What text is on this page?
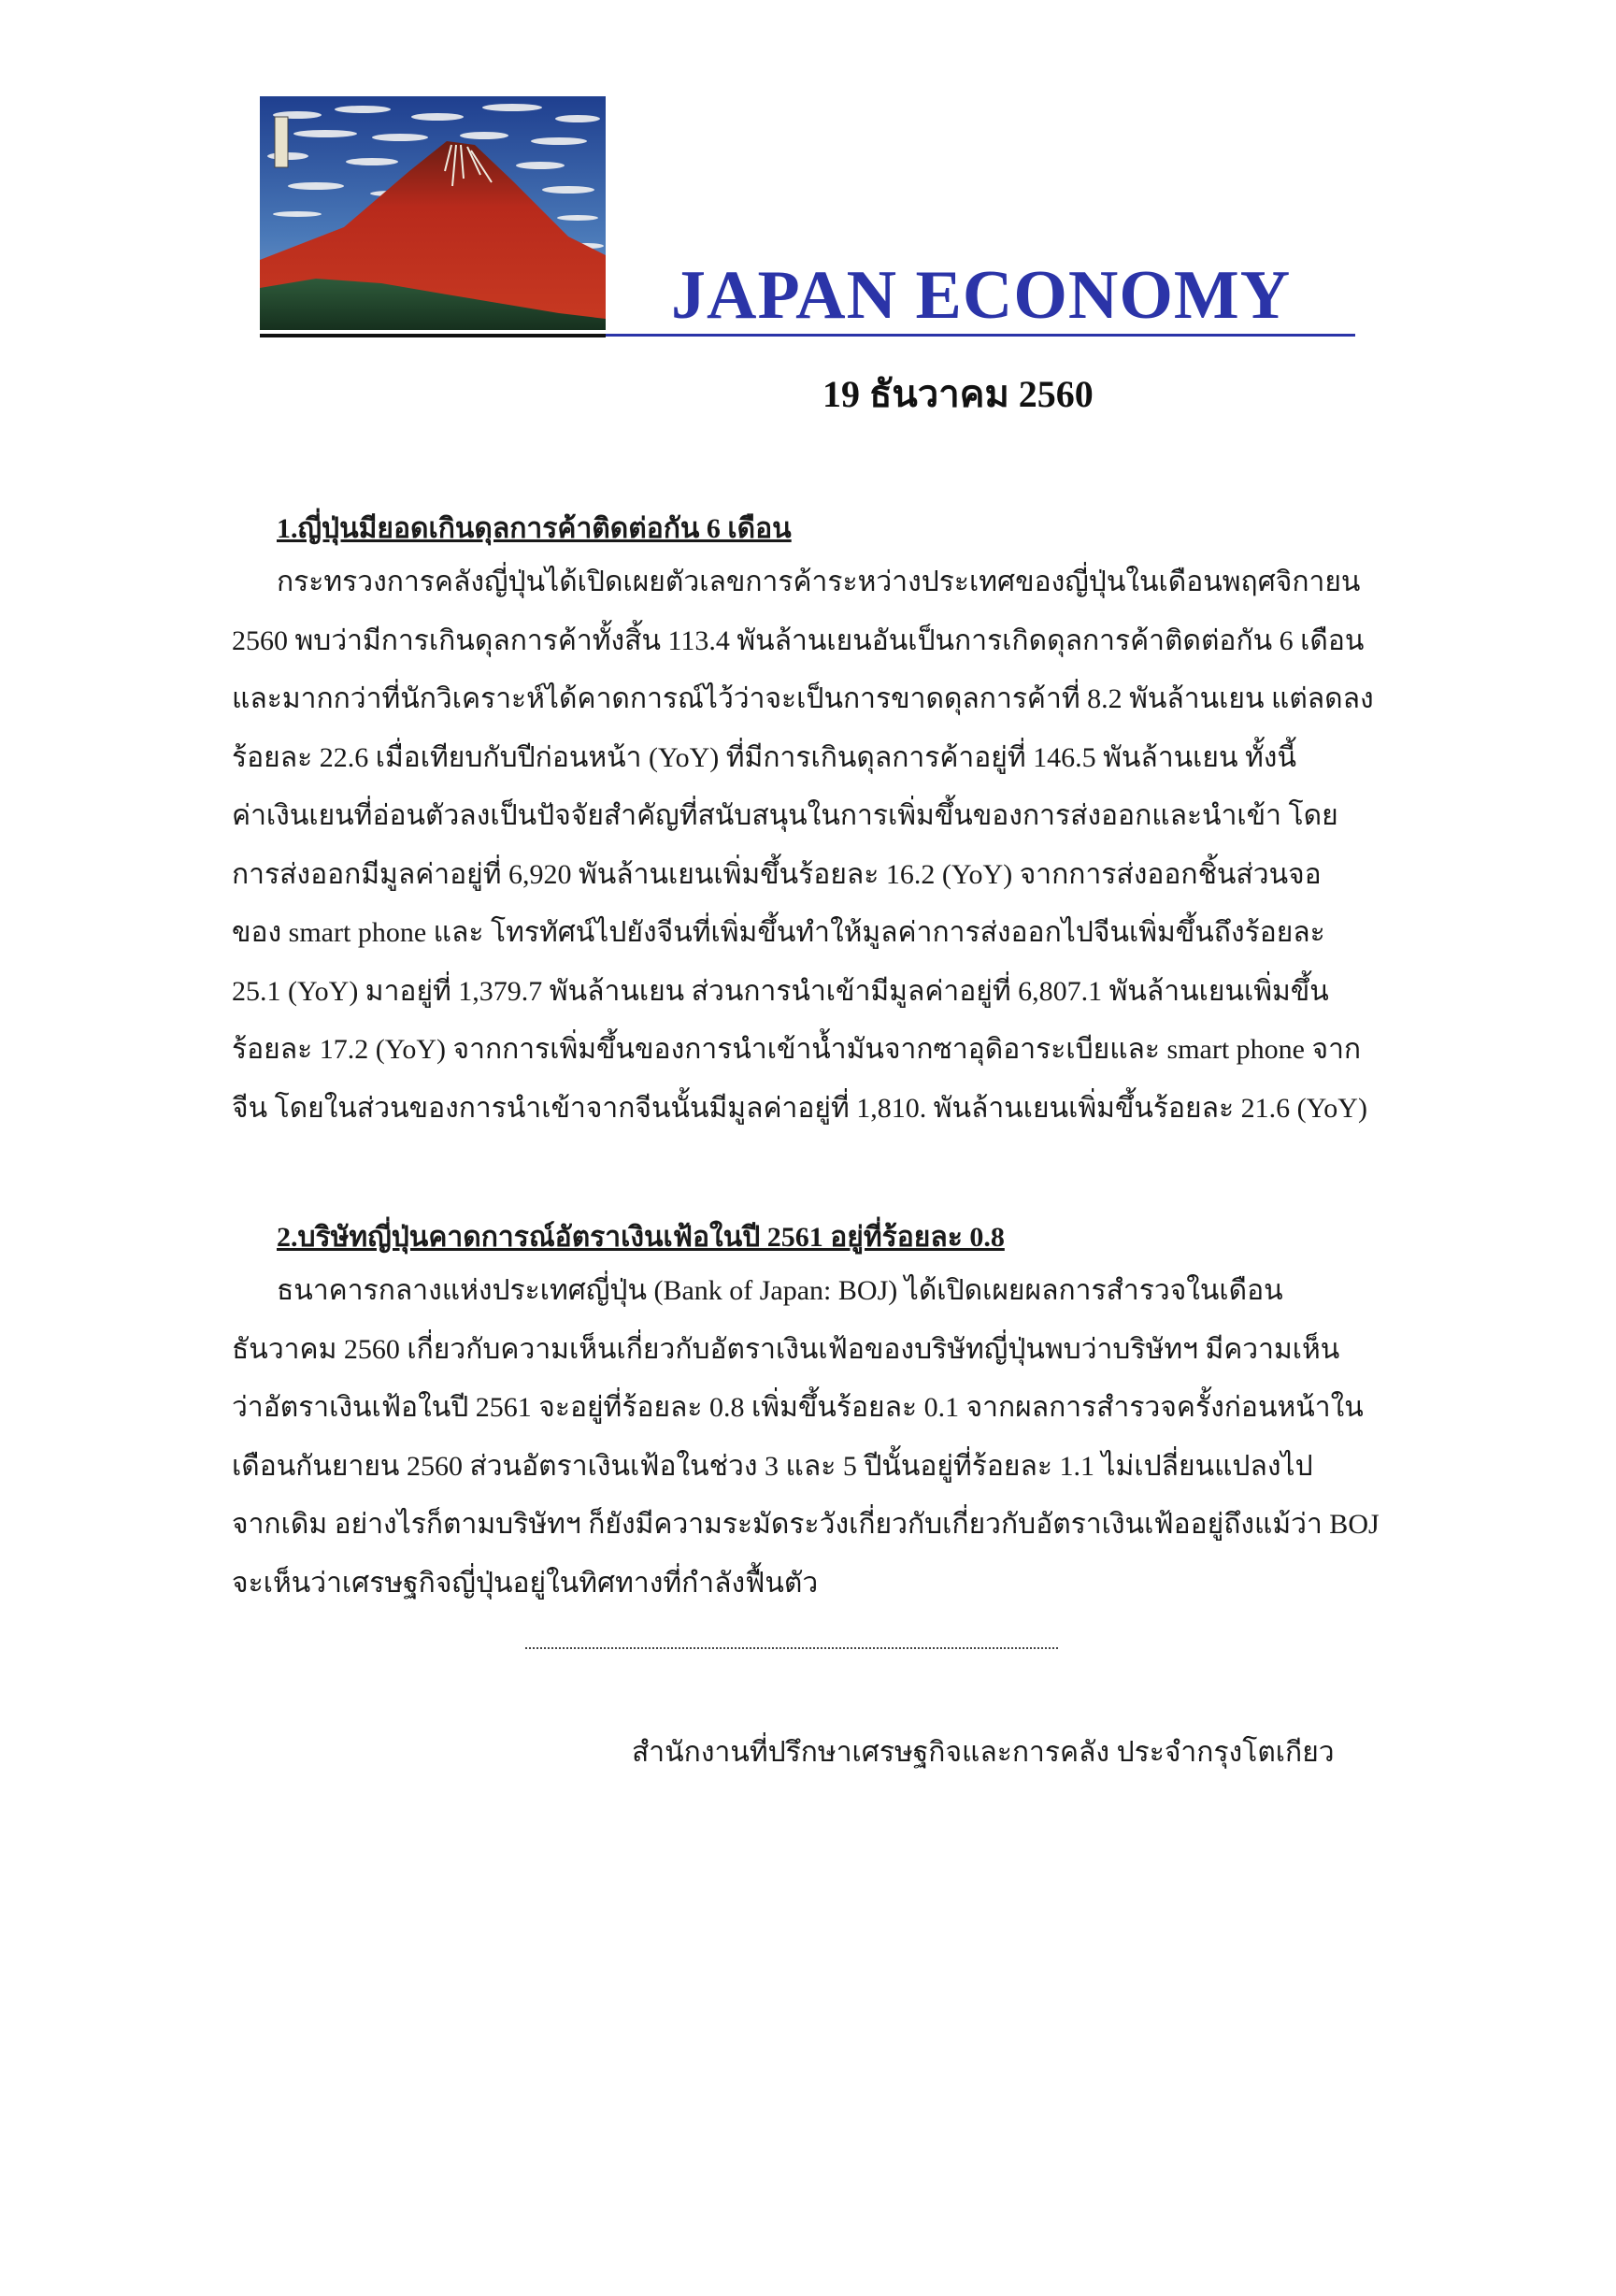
JAPAN ECONOMY
19 ธันวาคม 2560
1.ญี่ปุ่นมียอดเกินดุลการค้าติดต่อกัน 6 เดือน
กระทรวงการคลังญี่ปุ่นได้เปิดเผยตัวเลขการค้าระหว่างประเทศของญี่ปุ่นในเดือนพฤศจิกายน
2560 พบว่ามีการเกินดุลการค้าทั้งสิ้น 113.4 พันล้านเยนอันเป็นการเกิดดุลการค้าติดต่อกัน 6 เดือน
และมากกว่าที่นักวิเคราะห์ได้คาดการณ์ไว้ว่าจะเป็นการขาดดุลการค้าที่ 8.2 พันล้านเยน แต่ลดลง
ร้อยละ 22.6 เมื่อเทียบกับปีก่อนหน้า (YoY) ที่มีการเกินดุลการค้าอยู่ที่ 146.5 พันล้านเยน ทั้งนี้
ค่าเงินเยนที่อ่อนตัวลงเป็นปัจจัยสำคัญที่สนับสนุนในการเพิ่มขึ้นของการส่งออกและนำเข้า โดย
การส่งออกมีมูลค่าอยู่ที่ 6,920 พันล้านเยนเพิ่มขึ้นร้อยละ 16.2 (YoY) จากการส่งออกชิ้นส่วนจอ
ของ smart phone และ โทรทัศน์ไปยังจีนที่เพิ่มขึ้นทำให้มูลค่าการส่งออกไปจีนเพิ่มขึ้นถึงร้อยละ
25.1 (YoY) มาอยู่ที่ 1,379.7 พันล้านเยน ส่วนการนำเข้ามีมูลค่าอยู่ที่ 6,807.1 พันล้านเยนเพิ่มขึ้น
ร้อยละ 17.2 (YoY) จากการเพิ่มขึ้นของการนำเข้าน้ำมันจากซาอุดิอาระเบียและ smart phone จาก
จีน โดยในส่วนของการนำเข้าจากจีนนั้นมีมูลค่าอยู่ที่ 1,810. พันล้านเยนเพิ่มขึ้นร้อยละ 21.6 (YoY)
2.บริษัทญี่ปุ่นคาดการณ์อัตราเงินเฟ้อในปี 2561 อยู่ที่ร้อยละ 0.8
ธนาคารกลางแห่งประเทศญี่ปุ่น (Bank of Japan: BOJ) ได้เปิดเผยผลการสำรวจในเดือน
ธันวาคม 2560 เกี่ยวกับความเห็นเกี่ยวกับอัตราเงินเฟ้อของบริษัทญี่ปุ่นพบว่าบริษัทฯ มีความเห็น
ว่าอัตราเงินเฟ้อในปี 2561 จะอยู่ที่ร้อยละ 0.8 เพิ่มขึ้นร้อยละ 0.1 จากผลการสำรวจครั้งก่อนหน้าใน
เดือนกันยายน 2560 ส่วนอัตราเงินเฟ้อในช่วง 3 และ 5 ปีนั้นอยู่ที่ร้อยละ 1.1 ไม่เปลี่ยนแปลงไป
จากเดิม อย่างไรก็ตามบริษัทฯ ก็ยังมีความระมัดระวังเกี่ยวกับเกี่ยวกับอัตราเงินเฟ้ออยู่ถึงแม้ว่า BOJ
จะเห็นว่าเศรษฐกิจญี่ปุ่นอยู่ในทิศทางที่กำลังฟื้นตัว
สำนักงานที่ปรึกษาเศรษฐกิจและการคลัง ประจำกรุงโตเกียว
